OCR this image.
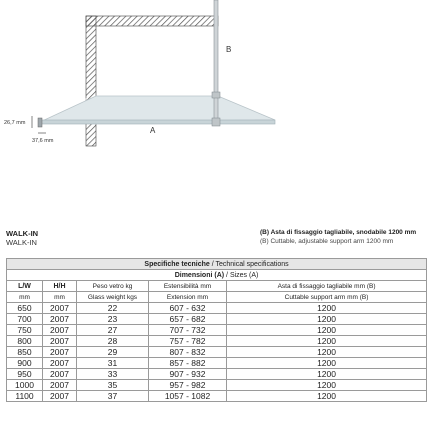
26,7 mm
37,6 mm
B
A
WALK-IN
WALK-IN
(B) Asta di fissaggio tagliabile, snodabile 1200 mm
(B) Cuttable, adjustable support arm 1200 mm
Specifiche tecniche / Technical specifications				
Dimensioni (A) / Sizes (A)				
L/W	H/H	Peso vetro kg	Estensibilità mm	Asta di fissaggio tagliabile mm (B)
mm	mm	Glass weight kgs	Extension mm	Cuttable support arm mm (B)
650	2007	22	607 - 632	1200
700	2007	23	657 - 682	1200
750	2007	27	707 - 732	1200
800	2007	28	757 - 782	1200
850	2007	29	807 - 832	1200
900	2007	31	857 - 882	1200
950	2007	33	907 - 932	1200
1000	2007	35	957 - 982	1200
1100	2007	37	1057 - 1082	1200
